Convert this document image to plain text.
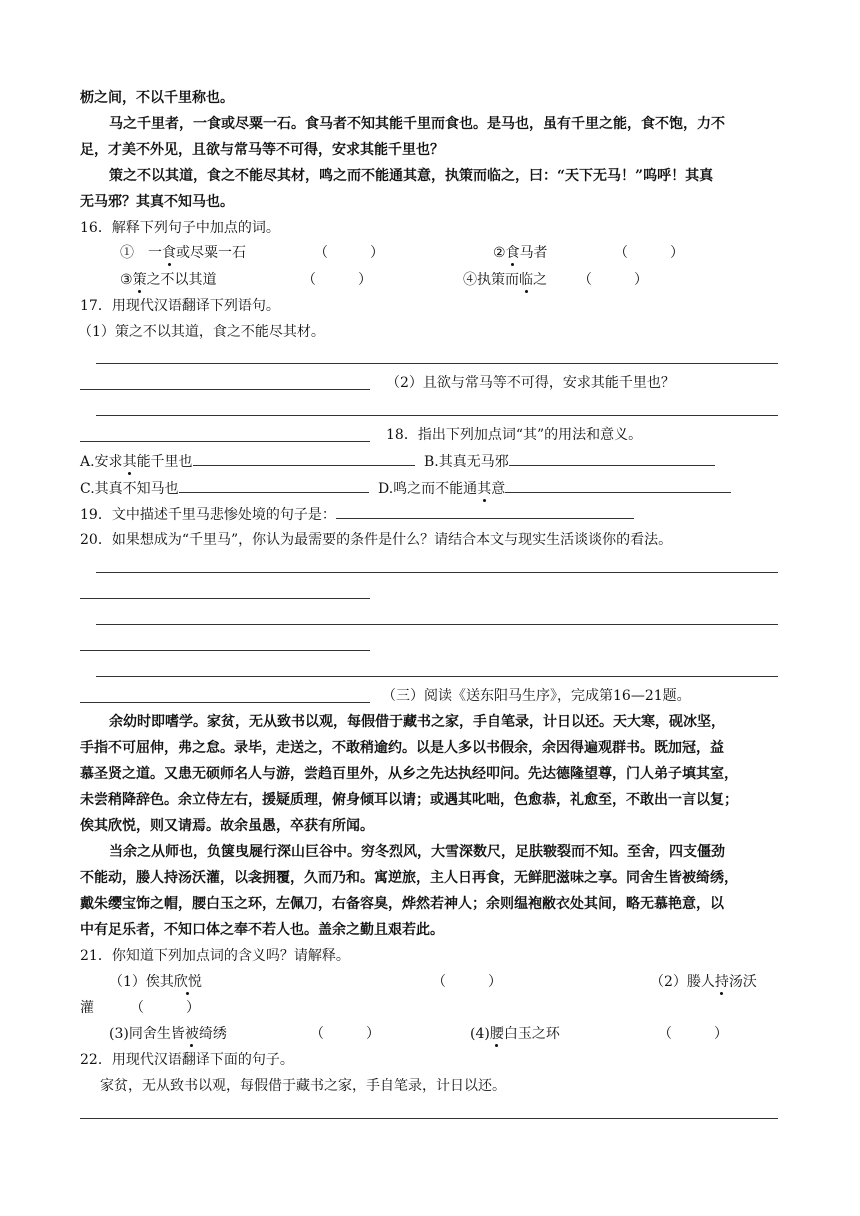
枥之间，不以千里称也。
马之千里者，一食或尽粟一石。食马者不知其能千里而食也。是马也，虽有千里之能，食不饱，力不
足，才美不外见，且欲与常马等不可得，安求其能千里也？
策之不以其道，食之不能尽其材，鸣之而不能通其意，执策而临之，曰：“天下无马！”呜呼！其真
无马邪？其真不知马也。
16．解释下列句子中加点的词。
①　一食或尽粟一石	（　　　）	②食马者	（　　　）
③策之不以其道	（　　　）	④执策而临之	（　　　）
17．用现代汉语翻译下列语句。
（1）策之不以其道，食之不能尽其材。
（2）且欲与常马等不可得，安求其能千里也？
18．指出下列加点词“其”的用法和意义。
A.安求其能千里也	B.其真无马邪
C.其真不知马也	D.鸣之而不能通其意
19．文中描述千里马悲惨处境的句子是：
20．如果想成为“千里马”，你认为最需要的条件是什么？请结合本文与现实生活谈谈你的看法。
（三）阅读《送东阳马生序》，完成第16—21题。
余幼时即嗜学。家贫，无从致书以观，每假借于藏书之家，手自笔录，计日以还。天大寒，砚冰坚，
手指不可屈伸，弗之怠。录毕，走送之，不敢稍逾约。以是人多以书假余，余因得遍观群书。既加冠，益
慕圣贤之道。又患无硕师名人与游，尝趋百里外，从乡之先达执经叩问。先达德隆望尊，门人弟子填其室，
未尝稍降辞色。余立侍左右，援疑质理，俯身倾耳以请；或遇其叱咄，色愈恭，礼愈至，不敢出一言以复；
俟其欣悦，则又请焉。故余虽愚，卒获有所闻。
当余之从师也，负箧曳屣行深山巨谷中。穷冬烈风，大雪深数尺，足肤皲裂而不知。至舍，四支僵劲
不能动，媵人持汤沃灌，以衾拥覆，久而乃和。寓逆旅，主人日再食，无鲜肥滋味之享。同舍生皆被绮绣，
戴朱缨宝饰之帽，腰白玉之环，左佩刀，右备容臭，烨然若神人；余则缊袍敝衣处其间，略无慕艳意，以
中有足乐者，不知口体之奉不若人也。盖余之勤且艰若此。
21．你知道下列加点词的含义吗？请解释。
（1）俟其欣悦	（　　　）	（2）媵人持汤沃
灌	（　　　）
(3)同舍生皆被绮绣	（　　　）	(4)腰白玉之环	（　　　）
22．用现代汉语翻译下面的句子。
家贫，无从致书以观，每假借于藏书之家，手自笔录，计日以还。
